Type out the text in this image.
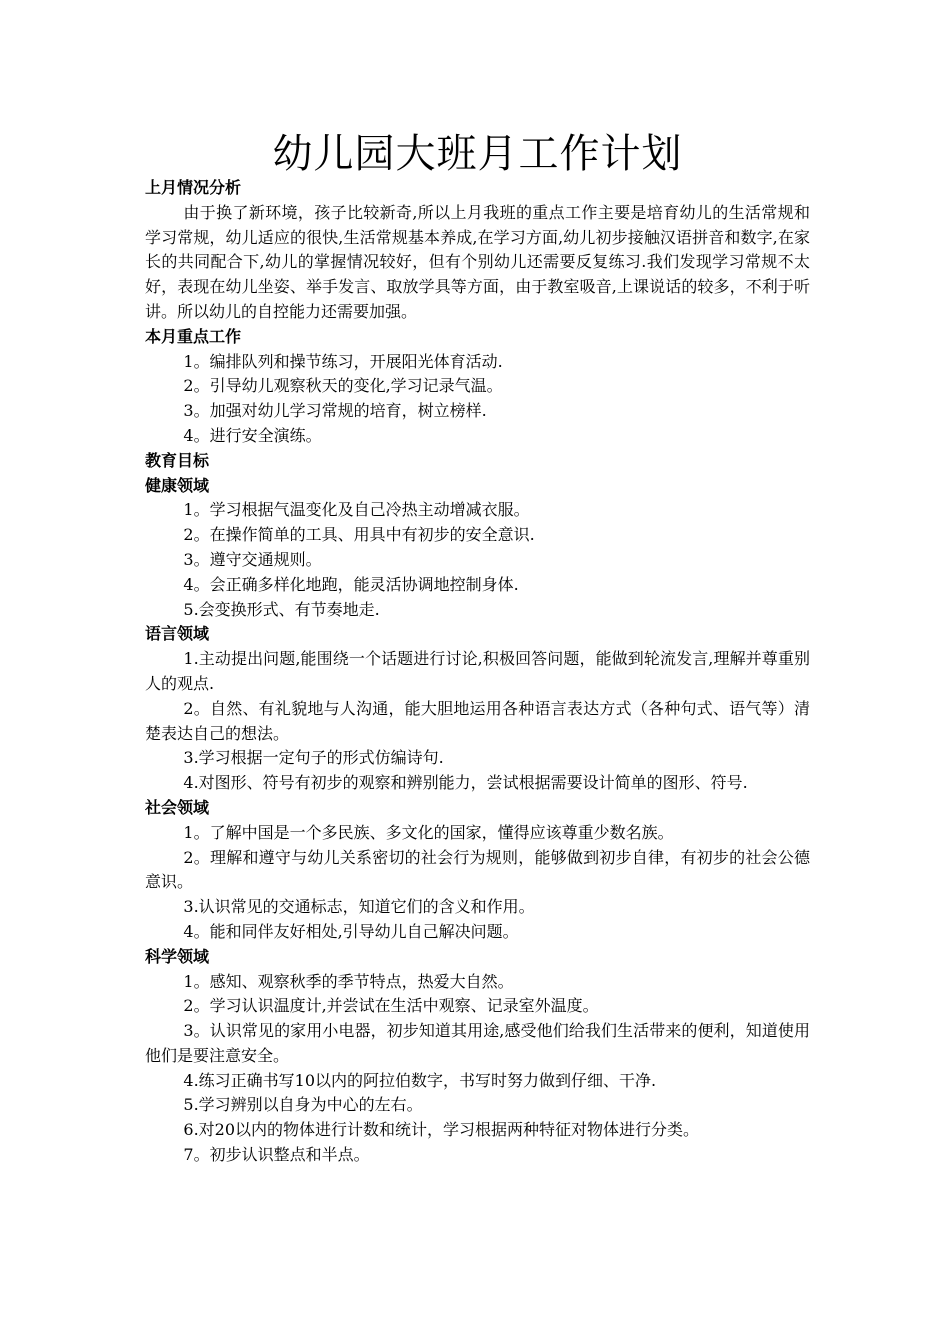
幼儿园大班月工作计划
上月情况分析

由于换了新环境，孩子比较新奇,所以上月我班的重点工作主要是培育幼儿的生活常规和学习常规，幼儿适应的很快,生活常规基本养成,在学习方面,幼儿初步接触汉语拼音和数字,在家长的共同配合下,幼儿的掌握情况较好，但有个别幼儿还需要反复练习.我们发现学习常规不太好，表现在幼儿坐姿、举手发言、取放学具等方面，由于教室吸音,上课说话的较多，不利于听讲。所以幼儿的自控能力还需要加强。

本月重点工作

1。编排队列和操节练习，开展阳光体育活动.

2。引导幼儿观察秋天的变化,学习记录气温。

3。加强对幼儿学习常规的培育，树立榜样.

4。进行安全演练。

教育目标
健康领域

1。学习根据气温变化及自己冷热主动增减衣服。

2。在操作简单的工具、用具中有初步的安全意识.

3。遵守交通规则。

4。会正确多样化地跑，能灵活协调地控制身体.

5.会变换形式、有节奏地走.

语言领域

1.主动提出问题,能围绕一个话题进行讨论,积极回答问题，能做到轮流发言,理解并尊重别人的观点.

2。自然、有礼貌地与人沟通，能大胆地运用各种语言表达方式（各种句式、语气等）清楚表达自己的想法。

3.学习根据一定句子的形式仿编诗句.

4.对图形、符号有初步的观察和辨别能力，尝试根据需要设计简单的图形、符号.

社会领域

1。了解中国是一个多民族、多文化的国家，懂得应该尊重少数名族。

2。理解和遵守与幼儿关系密切的社会行为规则，能够做到初步自律，有初步的社会公德意识。

3.认识常见的交通标志，知道它们的含义和作用。

4。能和同伴友好相处,引导幼儿自己解决问题。

科学领域

1。感知、观察秋季的季节特点，热爱大自然。

2。学习认识温度计,并尝试在生活中观察、记录室外温度。

3。认识常见的家用小电器，初步知道其用途,感受他们给我们生活带来的便利，知道使用他们是要注意安全。

4.练习正确书写10以内的阿拉伯数字，书写时努力做到仔细、干净.

5.学习辨别以自身为中心的左右。

6.对20以内的物体进行计数和统计，学习根据两种特征对物体进行分类。

7。初步认识整点和半点。
